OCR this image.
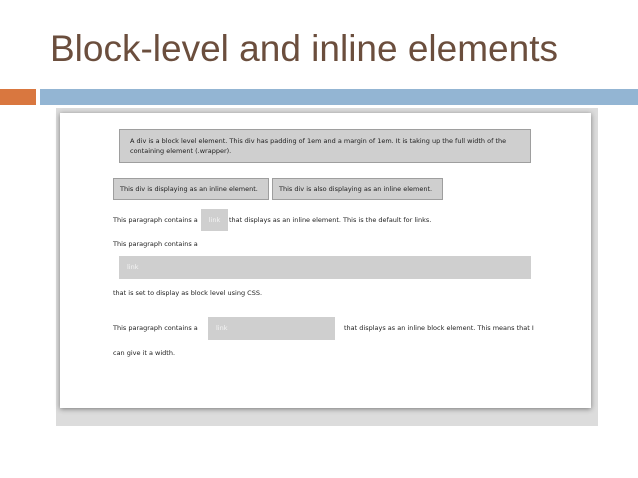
Block-level and inline elements
A div is a block level element. This div has padding of 1em and a margin of 1em. It is taking up the full width of the containing element (.wrapper).
This div is displaying as an inline element.	This div is also displaying as an inline element.
This paragraph contains a	link	that displays as an inline element. This is the default for links.
This paragraph contains a
link
that is set to display as block level using CSS.
This paragraph contains a	link	that displays as an inline block element. This means that I
can give it a width.
